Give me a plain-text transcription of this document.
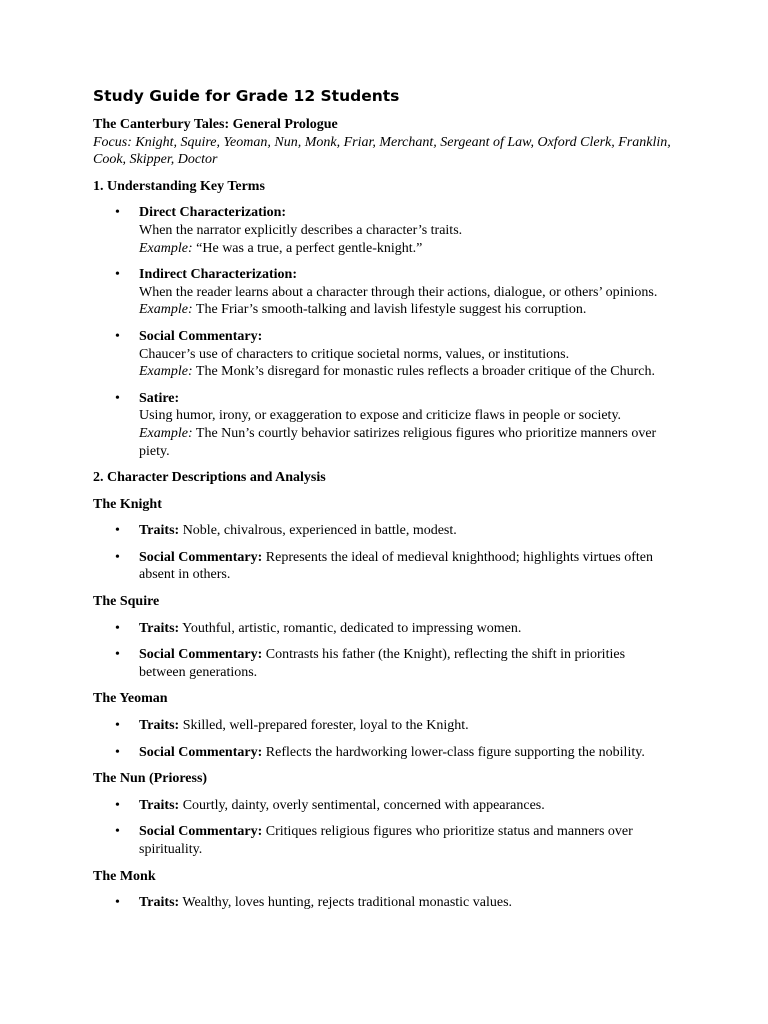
Study Guide for Grade 12 Students

The Canterbury Tales: General Prologue

Focus: Knight, Squire, Yeoman, Nun, Monk, Friar, Merchant, Sergeant of Law, Oxford Clerk, Franklin, Cook, Skipper, Doctor

1. Understanding Key Terms

• Direct Characterization:
When the narrator explicitly describes a character’s traits.
Example: “He was a true, a perfect gentle-knight.”
• Indirect Characterization:
When the reader learns about a character through their actions, dialogue, or others’ opinions.
Example: The Friar’s smooth-talking and lavish lifestyle suggest his corruption.
• Social Commentary:
Chaucer’s use of characters to critique societal norms, values, or institutions.
Example: The Monk’s disregard for monastic rules reflects a broader critique of the Church.
• Satire:
Using humor, irony, or exaggeration to expose and criticize flaws in people or society.
Example: The Nun’s courtly behavior satirizes religious figures who prioritize manners over piety.

2. Character Descriptions and Analysis

The Knight

• Traits: Noble, chivalrous, experienced in battle, modest.
• Social Commentary: Represents the ideal of medieval knighthood; highlights virtues often absent in others.

The Squire

• Traits: Youthful, artistic, romantic, dedicated to impressing women.
• Social Commentary: Contrasts his father (the Knight), reflecting the shift in priorities between generations.

The Yeoman

• Traits: Skilled, well-prepared forester, loyal to the Knight.
• Social Commentary: Reflects the hardworking lower-class figure supporting the nobility.

The Nun (Prioress)

• Traits: Courtly, dainty, overly sentimental, concerned with appearances.
• Social Commentary: Critiques religious figures who prioritize status and manners over spirituality.

The Monk

• Traits: Wealthy, loves hunting, rejects traditional monastic values.
